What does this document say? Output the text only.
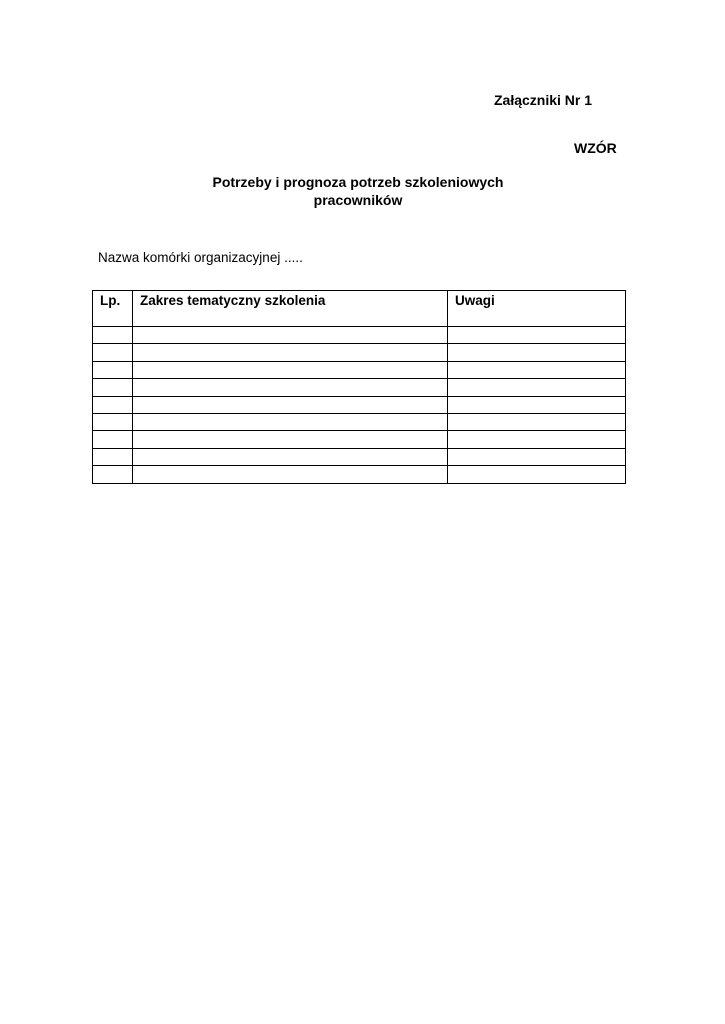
Załączniki Nr 1
WZÓR
Potrzeby i prognoza potrzeb szkoleniowych
pracowników
Nazwa komórki organizacyjnej .....
Lp.	Zakres tematyczny szkolenia	Uwagi
